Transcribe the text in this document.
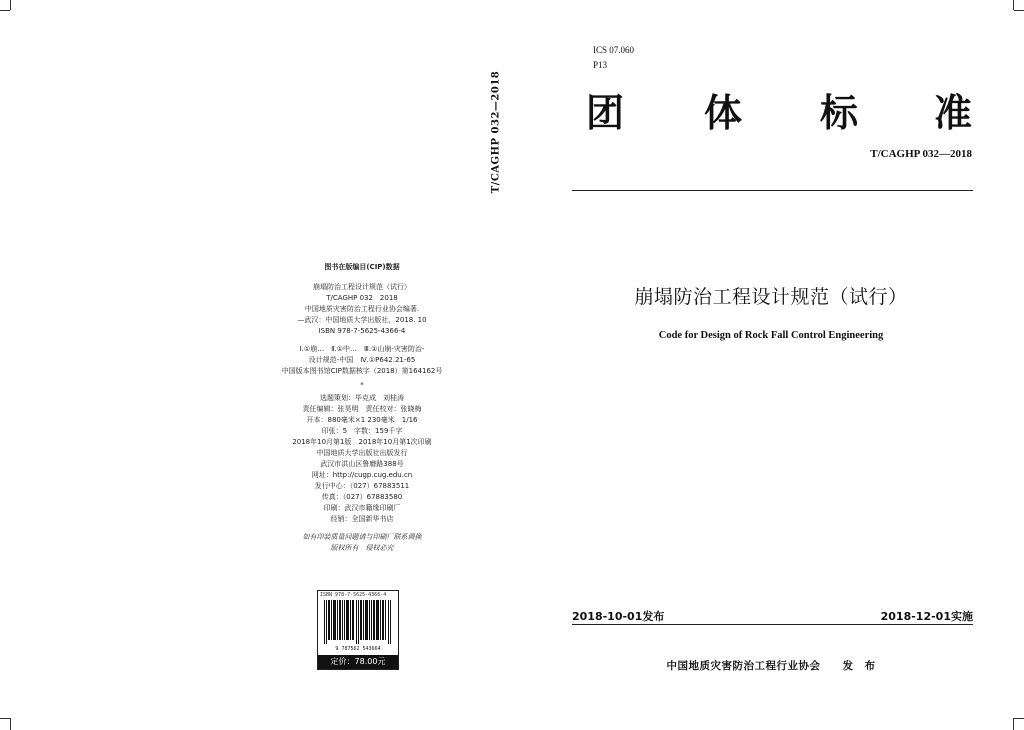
T/CAGHP 032—2018
图书在版编目(CIP)数据
崩塌防治工程设计规范（试行）
T/CAGHP 032　2018
中国地质灾害防治工程行业协会编著.
—武汉：中国地质大学出版社，2018. 10
ISBN 978-7-5625-4366-4
Ⅰ.①崩…　Ⅱ.①中…　Ⅲ.①山崩-灾害防治-
设计规范-中国　Ⅳ.①P642.21-65
中国版本图书馆CIP数据核字（2018）第164162号
*
选题策划：毕克成　刘桂涛
责任编辑：张昊明　责任校对：张晓梅
开本：880毫米×1 230毫米　1/16
印张：5　字数：159千字
2018年10月第1版　2018年10月第1次印刷
中国地质大学出版社出版发行
武汉市洪山区鲁磨路388号
网址：http://cugp.cug.edu.cn
发行中心：（027）67883511
传真：（027）67883580
印刷：武汉市籍缘印刷厂
经销：全国新华书店
如有印装质量问题请与印刷厂联系调换
版权所有　侵权必究
ISBN 978-7-5625-4366-4
9 787562 543664
定价：78.00元
ICS 07.060
P13
团 体 标 准
T/CAGHP 032—2018
崩塌防治工程设计规范（试行）
Code for Design of Rock Fall Control Engineering
2018-10-01发布	2018-12-01实施
中国地质灾害防治工程行业协会　　发　布
